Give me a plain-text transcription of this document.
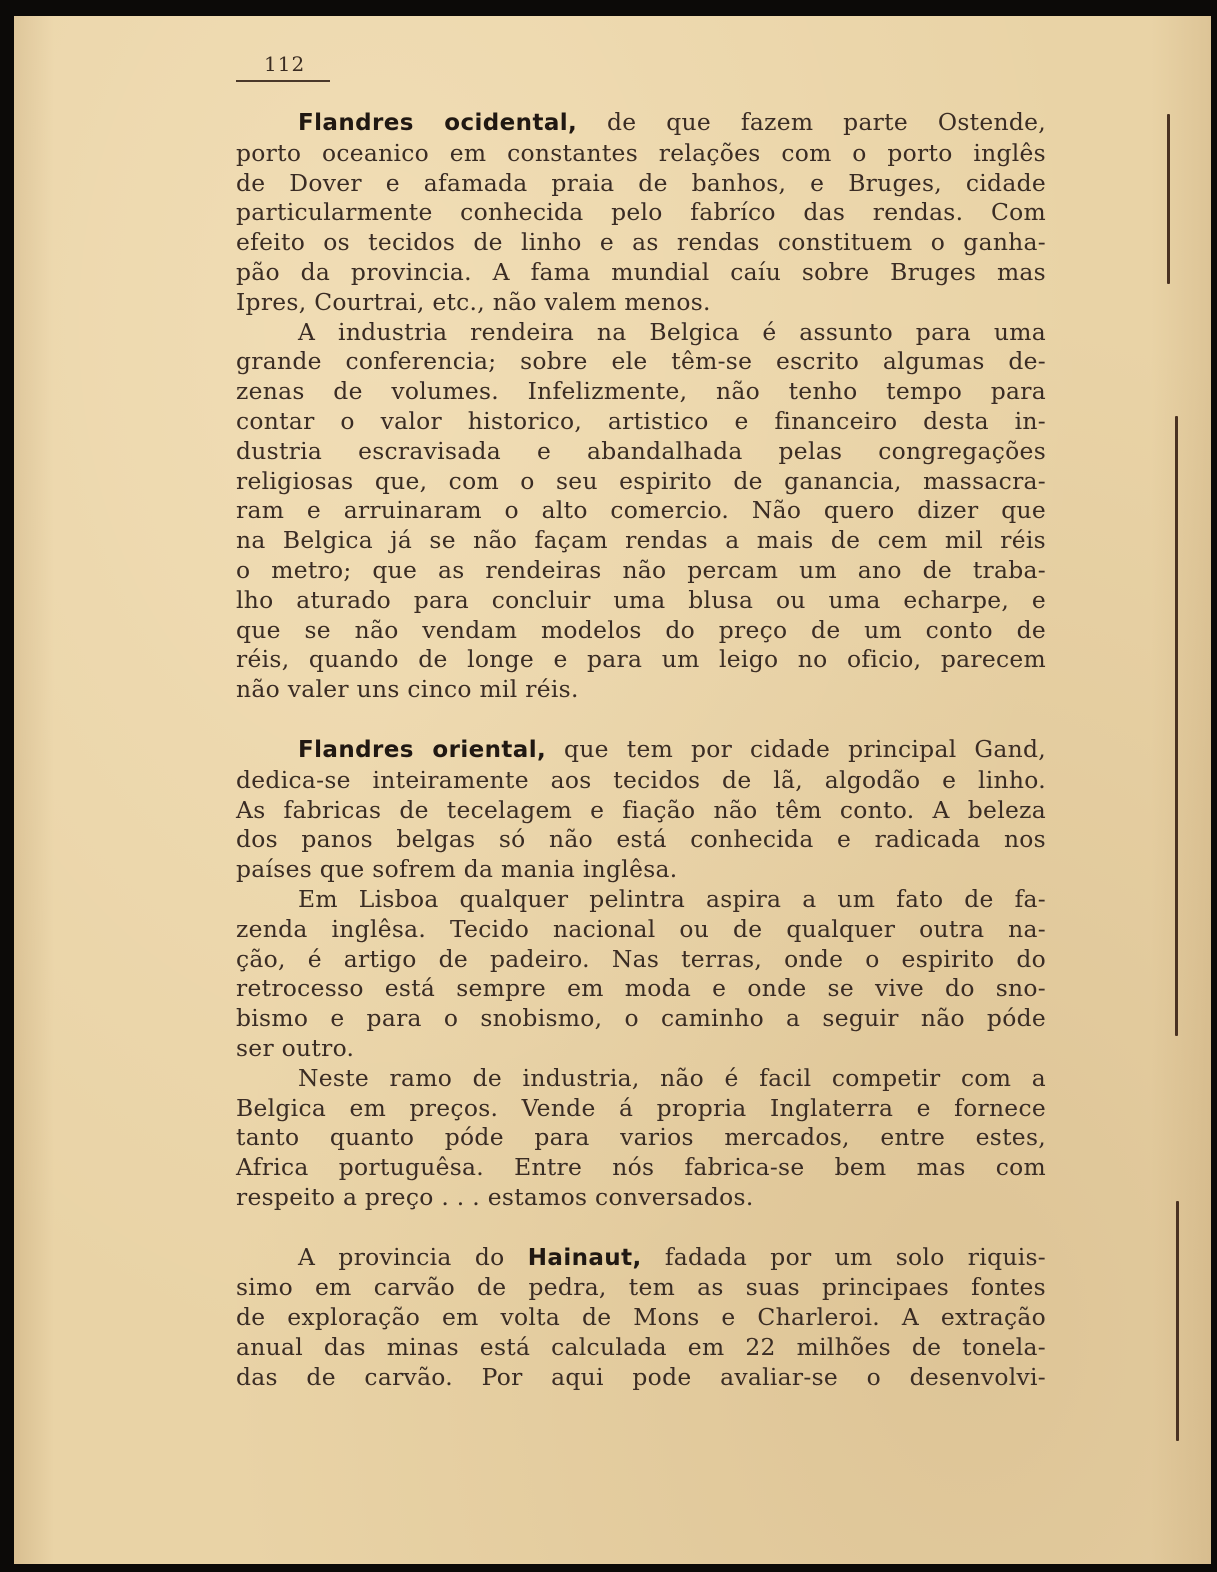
112

Flandres ocidental, de que fazem parte Ostende,
porto oceanico em constantes relações com o porto inglês
de Dover e afamada praia de banhos, e Bruges, cidade
particularmente conhecida pelo fabríco das rendas. Com
efeito os tecidos de linho e as rendas constituem o ganha-
pão da provincia. A fama mundial caíu sobre Bruges mas
Ipres, Courtrai, etc., não valem menos.

A industria rendeira na Belgica é assunto para uma
grande conferencia; sobre ele têm-se escrito algumas de-
zenas de volumes. Infelizmente, não tenho tempo para
contar o valor historico, artistico e financeiro desta in-
dustria escravisada e abandalhada pelas congregações
religiosas que, com o seu espirito de ganancia, massacra-
ram e arruinaram o alto comercio. Não quero dizer que
na Belgica já se não façam rendas a mais de cem mil réis
o metro; que as rendeiras não percam um ano de traba-
lho aturado para concluir uma blusa ou uma echarpe, e
que se não vendam modelos do preço de um conto de
réis, quando de longe e para um leigo no oficio, parecem
não valer uns cinco mil réis.

Flandres oriental, que tem por cidade principal Gand,
dedica-se inteiramente aos tecidos de lã, algodão e linho.
As fabricas de tecelagem e fiação não têm conto. A beleza
dos panos belgas só não está conhecida e radicada nos
países que sofrem da mania inglêsa.

Em Lisboa qualquer pelintra aspira a um fato de fa-
zenda inglêsa. Tecido nacional ou de qualquer outra na-
ção, é artigo de padeiro. Nas terras, onde o espirito do
retrocesso está sempre em moda e onde se vive do sno-
bismo e para o snobismo, o caminho a seguir não póde
ser outro.

Neste ramo de industria, não é facil competir com a
Belgica em preços. Vende á propria Inglaterra e fornece
tanto quanto póde para varios mercados, entre estes,
Africa portuguêsa. Entre nós fabrica-se bem mas com
respeito a preço . . . estamos conversados.

A provincia do Hainaut, fadada por um solo riquis-
simo em carvão de pedra, tem as suas principaes fontes
de exploração em volta de Mons e Charleroi. A extração
anual das minas está calculada em 22 milhões de tonela-
das de carvão. Por aqui pode avaliar-se o desenvolvi-
